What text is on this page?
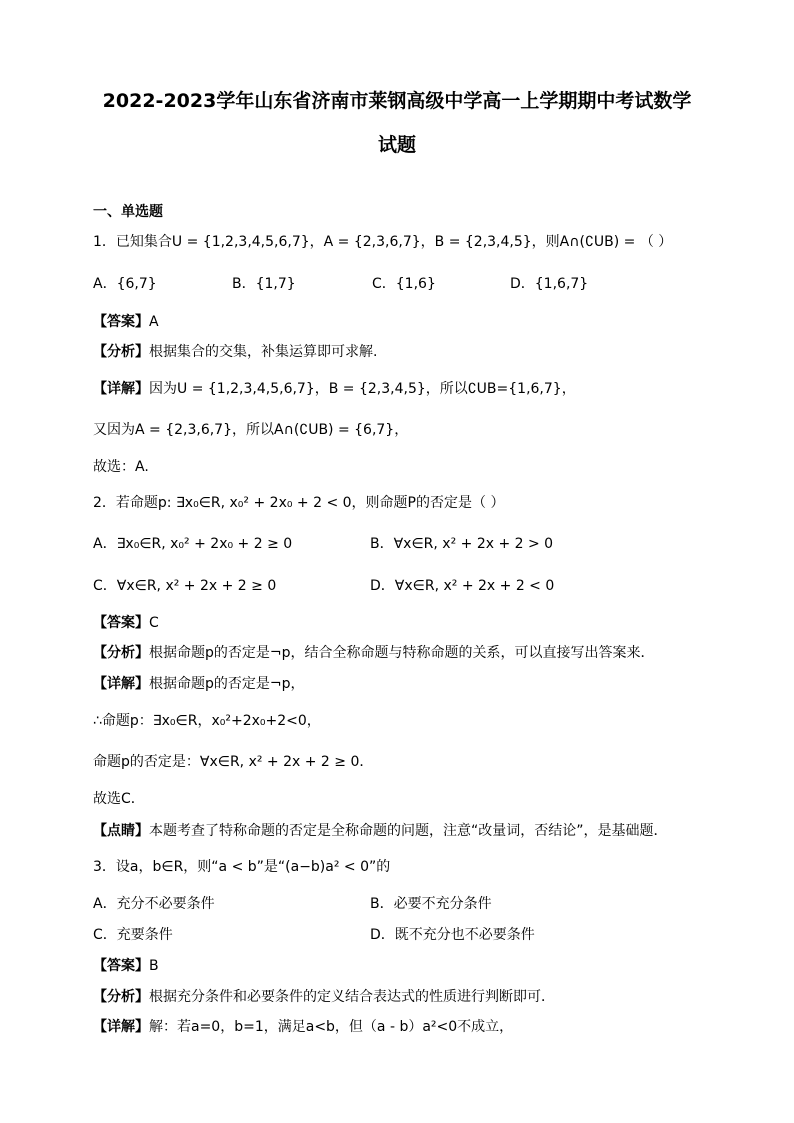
2022-2023学年山东省济南市莱钢高级中学高一上学期期中考试数学
试题
一、单选题
1．已知集合U = {1,2,3,4,5,6,7}，A = {2,3,6,7}，B = {2,3,4,5}，则A∩(∁UB) = （ ）
A．{6,7}	B．{1,7}	C．{1,6}	D．{1,6,7}
【答案】A
【分析】根据集合的交集，补集运算即可求解.
【详解】因为U = {1,2,3,4,5,6,7}，B = {2,3,4,5}，所以∁UB={1,6,7}，
又因为A = {2,3,6,7}，所以A∩(∁UB) = {6,7}，
故选：A.
2．若命题p: ∃x₀∈R, x₀² + 2x₀ + 2 < 0，则命题P的否定是（ ）
A．∃x₀∈R, x₀² + 2x₀ + 2 ≥ 0	B．∀x∈R, x² + 2x + 2 > 0
C．∀x∈R, x² + 2x + 2 ≥ 0	D．∀x∈R, x² + 2x + 2 < 0
【答案】C
【分析】根据命题p的否定是¬p，结合全称命题与特称命题的关系，可以直接写出答案来．
【详解】根据命题p的否定是¬p，
∴命题p：∃x₀∈R，x₀²+2x₀+2<0，
命题p的否定是：∀x∈R, x² + 2x + 2 ≥ 0．
故选C．
【点睛】本题考查了特称命题的否定是全称命题的问题，注意“改量词，否结论”，是基础题．
3．设a，b∈R，则“a < b”是“(a−b)a² < 0”的
A．充分不必要条件	B．必要不充分条件
C．充要条件	D．既不充分也不必要条件
【答案】B
【分析】根据充分条件和必要条件的定义结合表达式的性质进行判断即可．
【详解】解：若a=0，b=1，满足a<b，但（a - b）a²<0不成立，
